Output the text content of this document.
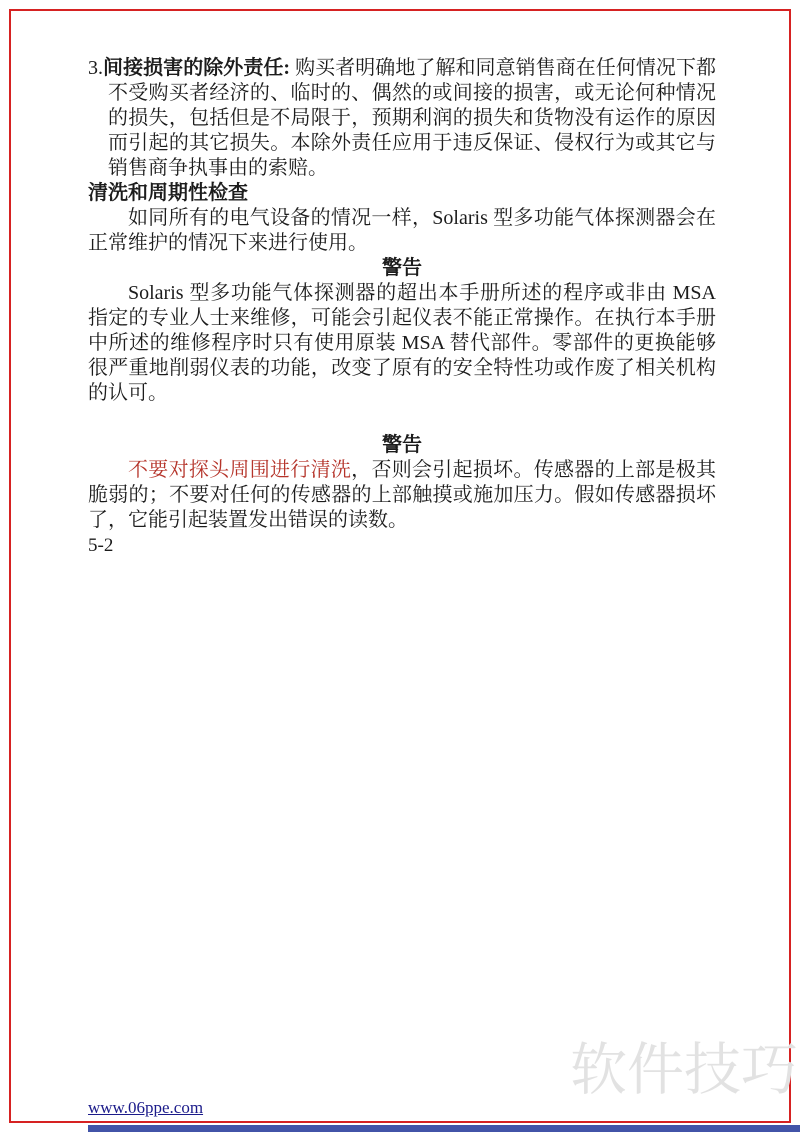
3.间接损害的除外责任: 购买者明确地了解和同意销售商在任何情况下都不受购买者经济的、临时的、偶然的或间接的损害，或无论何种情况的损失，包括但是不局限于，预期利润的损失和货物没有运作的原因而引起的其它损失。本除外责任应用于违反保证、侵权行为或其它与销售商争执事由的索赔。

清洗和周期性检查

如同所有的电气设备的情况一样，Solaris 型多功能气体探测器会在正常维护的情况下来进行使用。

警告

Solaris 型多功能气体探测器的超出本手册所述的程序或非由 MSA 指定的专业人士来维修，可能会引起仪表不能正常操作。在执行本手册中所述的维修程序时只有使用原装 MSA 替代部件。零部件的更换能够很严重地削弱仪表的功能，改变了原有的安全特性功或作废了相关机构的认可。

警告

不要对探头周围进行清洗，否则会引起损坏。传感器的上部是极其脆弱的；不要对任何的传感器的上部触摸或施加压力。假如传感器损坏了，它能引起装置发出错误的读数。

5-2

软件技巧
www.06ppe.com
